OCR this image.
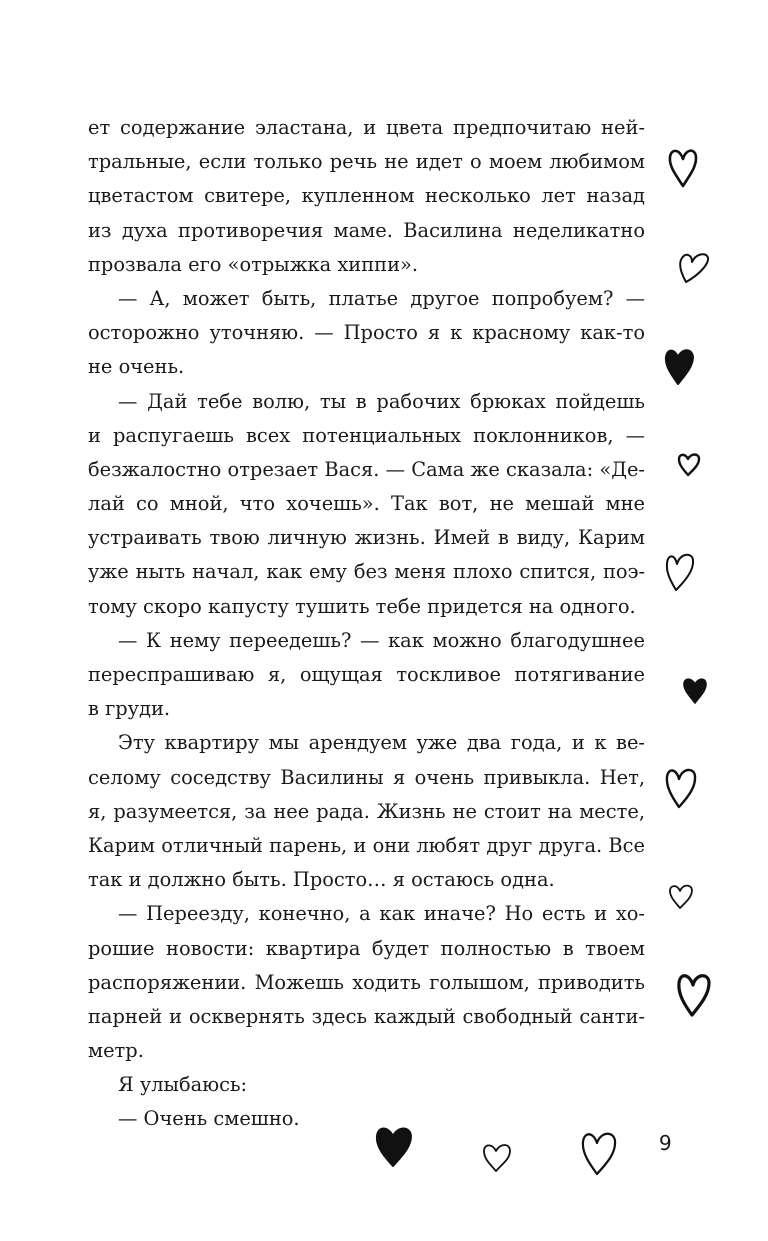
ет содержание эластана, и цвета предпочитаю ней-
тральные, если только речь не идет о моем любимом
цветастом свитере, купленном несколько лет назад
из духа противоречия маме. Василина неделикатно
прозвала его «отрыжка хиппи».
— А, может быть, платье другое попробуем? —
осторожно уточняю. — Просто я к красному как-то
не очень.
— Дай тебе волю, ты в рабочих брюках пойдешь
и распугаешь всех потенциальных поклонников, —
безжалостно отрезает Вася. — Сама же сказала: «Де-
лай со мной, что хочешь». Так вот, не мешай мне
устраивать твою личную жизнь. Имей в виду, Карим
уже ныть начал, как ему без меня плохо спится, поэ-
тому скоро капусту тушить тебе придется на одного.
— К нему переедешь? — как можно благодушнее
переспрашиваю я, ощущая тоскливое потягивание
в груди.
Эту квартиру мы арендуем уже два года, и к ве-
селому соседству Василины я очень привыкла. Нет,
я, разумеется, за нее рада. Жизнь не стоит на месте,
Карим отличный парень, и они любят друг друга. Все
так и должно быть. Просто… я остаюсь одна.
— Переезду, конечно, а как иначе? Но есть и хо-
рошие новости: квартира будет полностью в твоем
распоряжении. Можешь ходить голышом, приводить
парней и осквернять здесь каждый свободный санти-
метр.
Я улыбаюсь:
— Очень смешно.
9
